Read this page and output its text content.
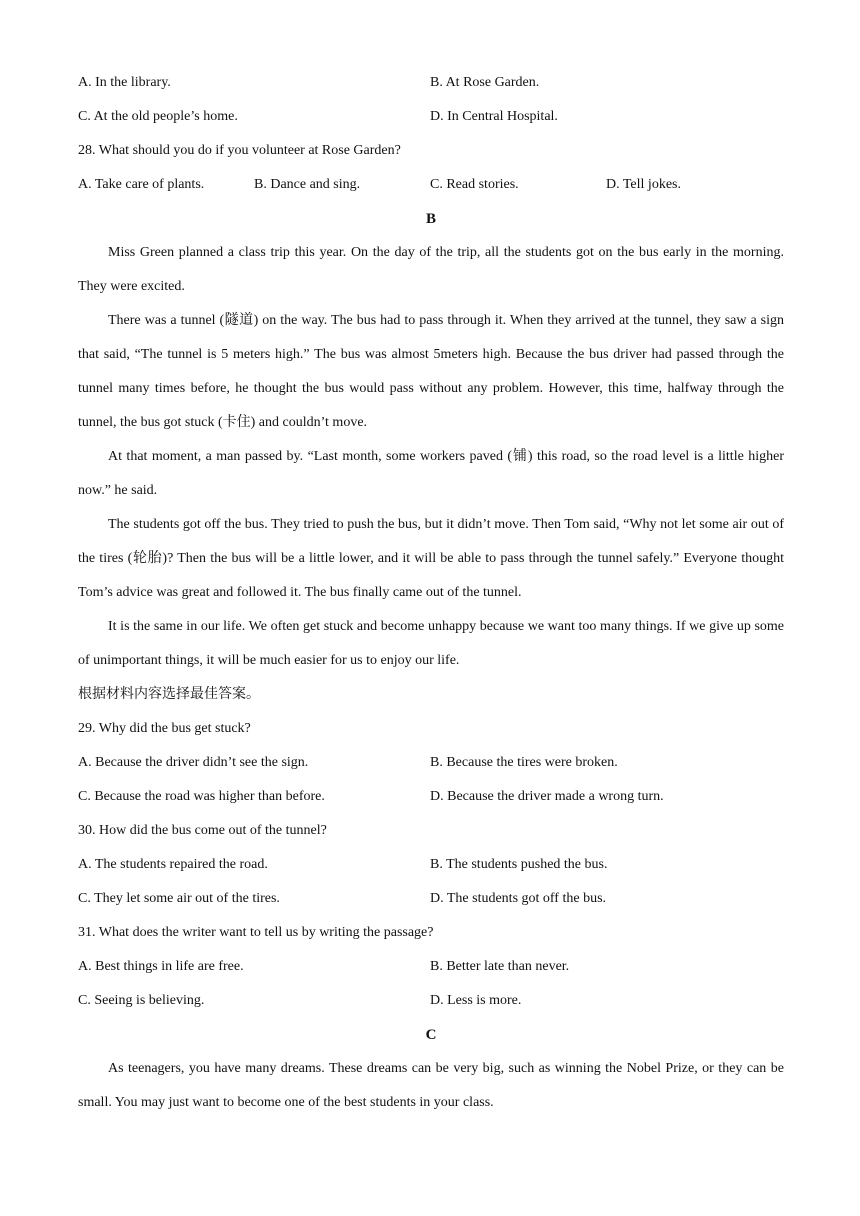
A. In the library.	B. At Rose Garden.
C. At the old people’s home.	D. In Central Hospital.
28. What should you do if you volunteer at Rose Garden?
A. Take care of plants.	B. Dance and sing.	C. Read stories.	D. Tell jokes.
B

Miss Green planned a class trip this year. On the day of the trip, all the students got on the bus early in the morning. They were excited.

There was a tunnel (隧道) on the way. The bus had to pass through it. When they arrived at the tunnel, they saw a sign that said, “The tunnel is 5 meters high.” The bus was almost 5meters high. Because the bus driver had passed through the tunnel many times before, he thought the bus would pass without any problem. However, this time, halfway through the tunnel, the bus got stuck (卡住) and couldn’t move.

At that moment, a man passed by. “Last month, some workers paved (铺) this road, so the road level is a little higher now.” he said.

The students got off the bus. They tried to push the bus, but it didn’t move. Then Tom said, “Why not let some air out of the tires (轮胎)? Then the bus will be a little lower, and it will be able to pass through the tunnel safely.” Everyone thought Tom’s advice was great and followed it. The bus finally came out of the tunnel.

It is the same in our life. We often get stuck and become unhappy because we want too many things. If we give up some of unimportant things, it will be much easier for us to enjoy our life.

根据材料内容选择最佳答案。

29. Why did the bus get stuck?
A. Because the driver didn’t see the sign.	B. Because the tires were broken.
C. Because the road was higher than before.	D. Because the driver made a wrong turn.
30. How did the bus come out of the tunnel?
A. The students repaired the road.	B. The students pushed the bus.
C. They let some air out of the tires.	D. The students got off the bus.
31. What does the writer want to tell us by writing the passage?
A. Best things in life are free.	B. Better late than never.
C. Seeing is believing.	D. Less is more.
C

As teenagers, you have many dreams. These dreams can be very big, such as winning the Nobel Prize, or they can be small. You may just want to become one of the best students in your class.
